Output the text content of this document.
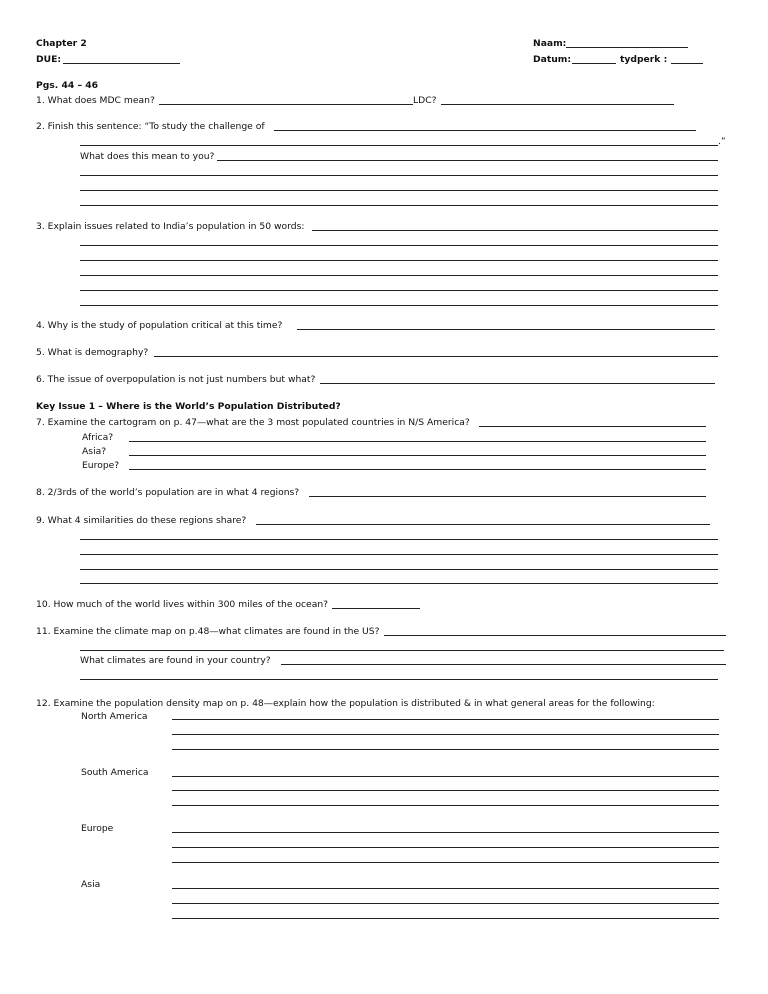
Chapter 2
DUE:
Naam:
Datum:	tydperk :
Pgs. 44 – 46
1. What does MDC mean?	LDC?
2. Finish this sentence: “To study the challenge of
.”
What does this mean to you?
3. Explain issues related to India’s population in 50 words:
4. Why is the study of population critical at this time?
5. What is demography?
6. The issue of overpopulation is not just numbers but what?
Key Issue 1 – Where is the World’s Population Distributed?
7. Examine the cartogram on p. 47—what are the 3 most populated countries in N/S America?
Africa?
Asia?
Europe?
8. 2/3rds of the world’s population are in what 4 regions?
9. What 4 similarities do these regions share?
10. How much of the world lives within 300 miles of the ocean?
11. Examine the climate map on p.48—what climates are found in the US?
What climates are found in your country?
12. Examine the population density map on p. 48—explain how the population is distributed & in what general areas for the following:
North America
South America
Europe
Asia
